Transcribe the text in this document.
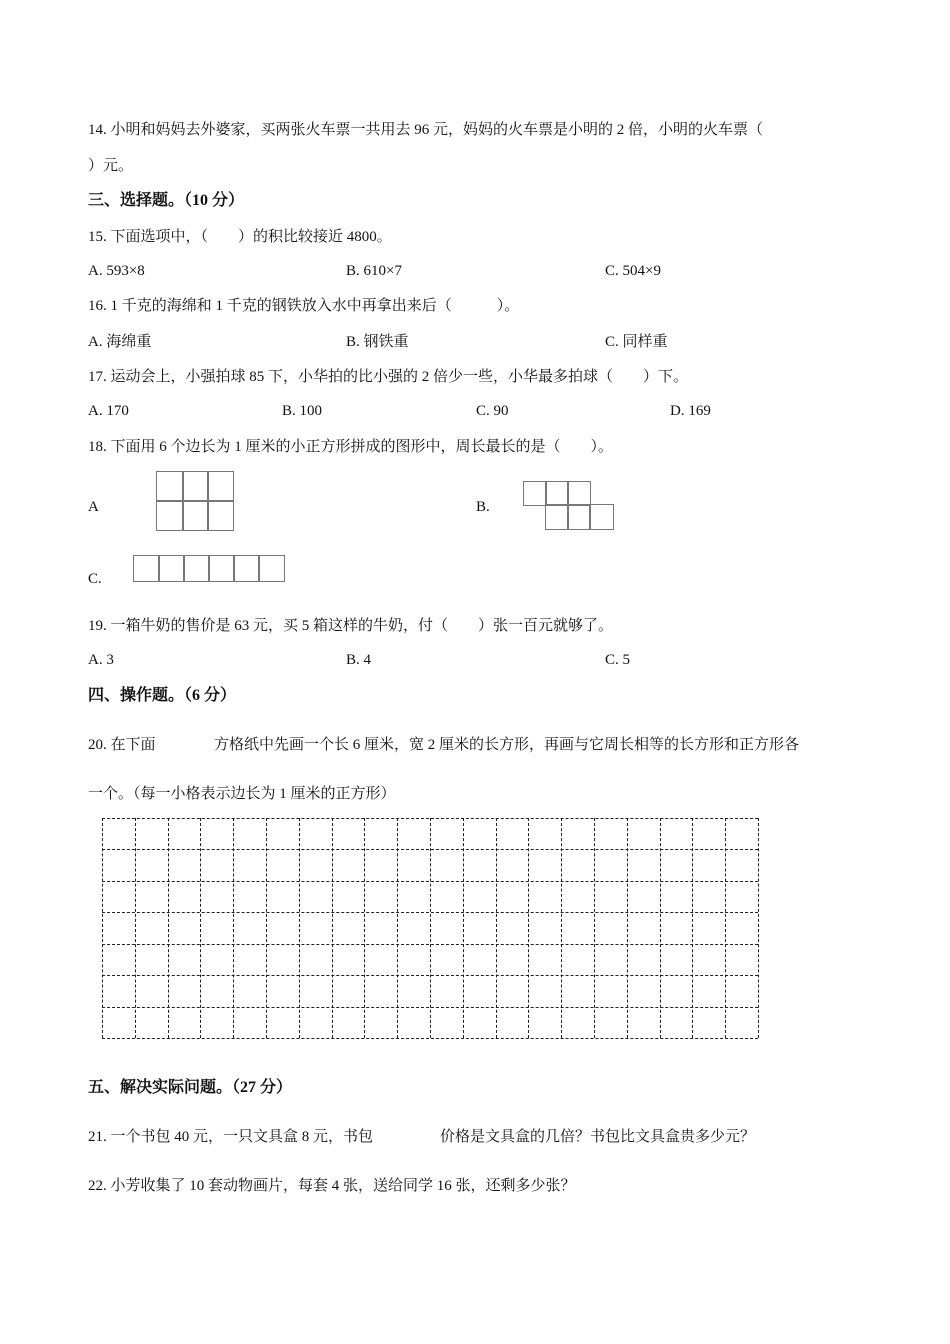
14. 小明和妈妈去外婆家，买两张火车票一共用去 96 元，妈妈的火车票是小明的 2 倍，小明的火车票（
）元。
三、选择题。（10 分）
15. 下面选项中，（　　）的积比较接近 4800。
A. 593×8	B. 610×7	C. 504×9
16. 1 千克的海绵和 1 千克的钢铁放入水中再拿出来后（　　　）。
A. 海绵重	B. 钢铁重	C. 同样重
17. 运动会上，小强拍球 85 下，小华拍的比小强的 2 倍少一些，小华最多拍球（　　）下。
A. 170	B. 100	C. 90	D. 169
18. 下面用 6 个边长为 1 厘米的小正方形拼成的图形中，周长最长的是（　　）。
A	B.
C.
19. 一箱牛奶的售价是 63 元，买 5 箱这样的牛奶，付（　　）张一百元就够了。
A. 3	B. 4	C. 5
四、操作题。（6 分）
20. 在下面	方格纸中先画一个长 6 厘米，宽 2 厘米的长方形，再画与它周长相等的长方形和正方形各
一个。（每一小格表示边长为 1 厘米的正方形）
五、解决实际问题。（27 分）
21. 一个书包 40 元，一只文具盒 8 元，书包	价格是文具盒的几倍？书包比文具盒贵多少元？
22. 小芳收集了 10 套动物画片，每套 4 张，送给同学 16 张，还剩多少张？
